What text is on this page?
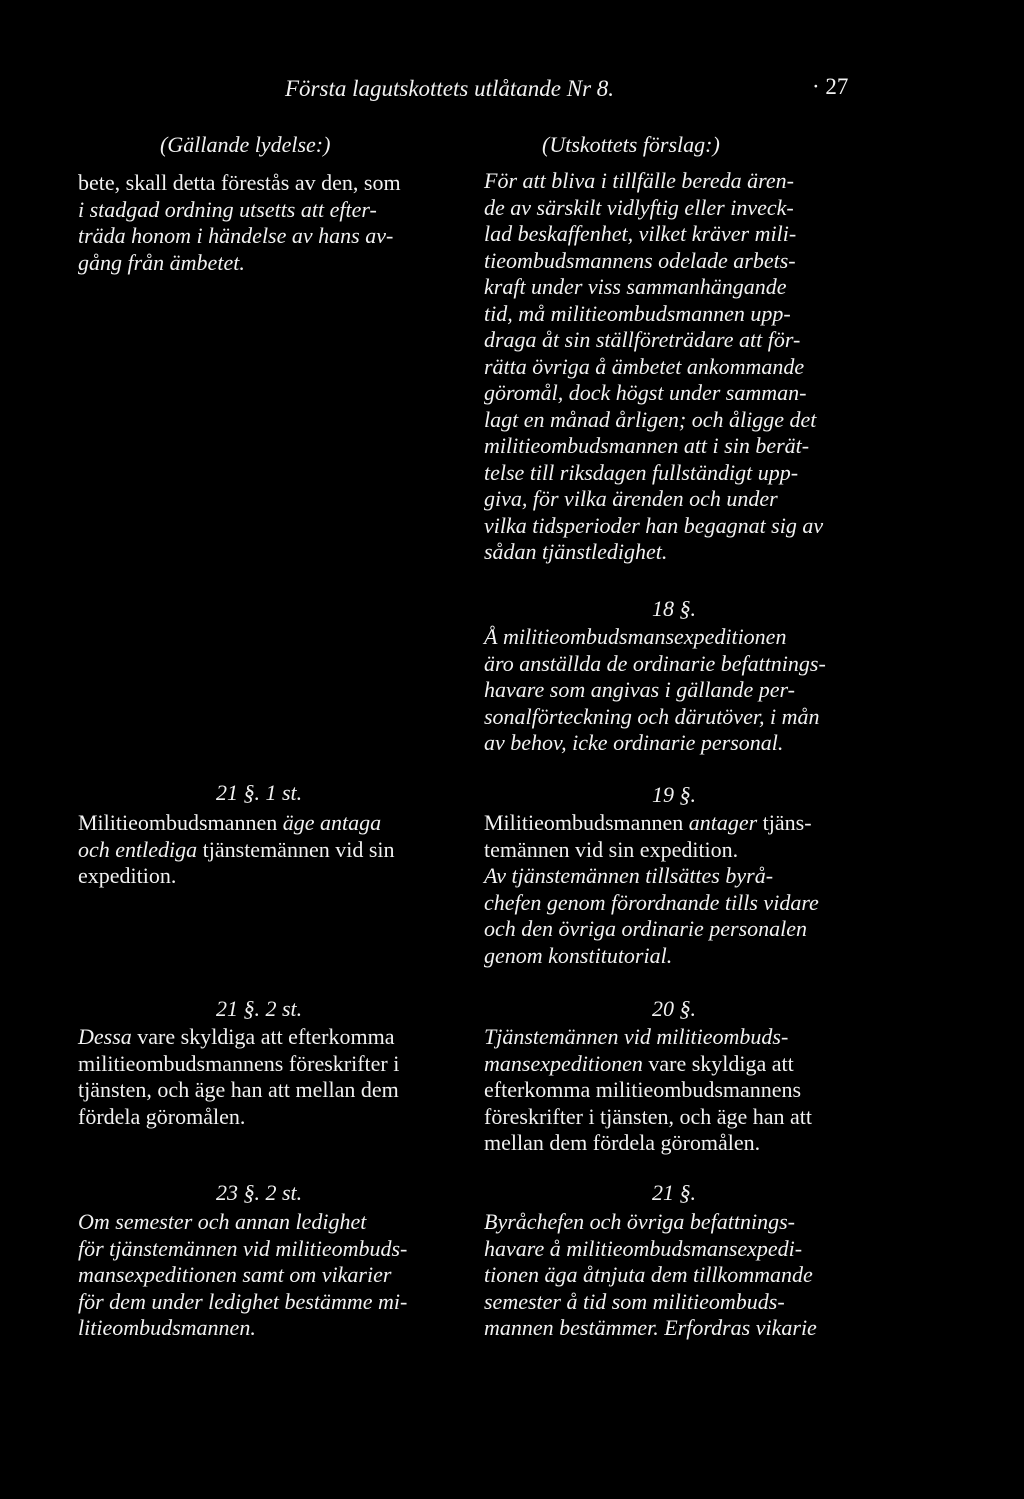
Första lagutskottets utlåtande Nr 8.	· 27
(Gällande lydelse:)
bete, skall detta förestås av den, som
i stadgad ordning utsetts att efter-
träda honom i händelse av hans av-
gång från ämbetet.
21 §. 1 st.
Militieombudsmannen äge antaga
och entlediga tjänstemännen vid sin
expedition.
21 §. 2 st.
Dessa vare skyldiga att efterkomma
militieombudsmannens föreskrifter i
tjänsten, och äge han att mellan dem
fördela göromålen.
23 §. 2 st.
Om semester och annan ledighet
för tjänstemännen vid militieombuds-
mansexpeditionen samt om vikarier
för dem under ledighet bestämme mi-
litieombudsmannen.
(Utskottets förslag:)
För att bliva i tillfälle bereda ären-
de av särskilt vidlyftig eller inveck-
lad beskaffenhet, vilket kräver mili-
tieombudsmannens odelade arbets-
kraft under viss sammanhängande
tid, må militieombudsmannen upp-
draga åt sin ställföreträdare att för-
rätta övriga å ämbetet ankommande
göromål, dock högst under samman-
lagt en månad årligen; och åligge det
militieombudsmannen att i sin berät-
telse till riksdagen fullständigt upp-
giva, för vilka ärenden och under
vilka tidsperioder han begagnat sig av
sådan tjänstledighet.
18 §.
Å militieombudsmansexpeditionen
äro anställda de ordinarie befattnings-
havare som angivas i gällande per-
sonalförteckning och därutöver, i mån
av behov, icke ordinarie personal.
19 §.
Militieombudsmannen antager tjäns-
temännen vid sin expedition.
Av tjänstemännen tillsättes byrå-
chefen genom förordnande tills vidare
och den övriga ordinarie personalen
genom konstitutorial.
20 §.
Tjänstemännen vid militieombuds-
mansexpeditionen vare skyldiga att
efterkomma militieombudsmannens
föreskrifter i tjänsten, och äge han att
mellan dem fördela göromålen.
21 §.
Byråchefen och övriga befattnings-
havare å militieombudsmansexpedi-
tionen äga åtnjuta dem tillkommande
semester å tid som militieombuds-
mannen bestämmer. Erfordras vikarie
